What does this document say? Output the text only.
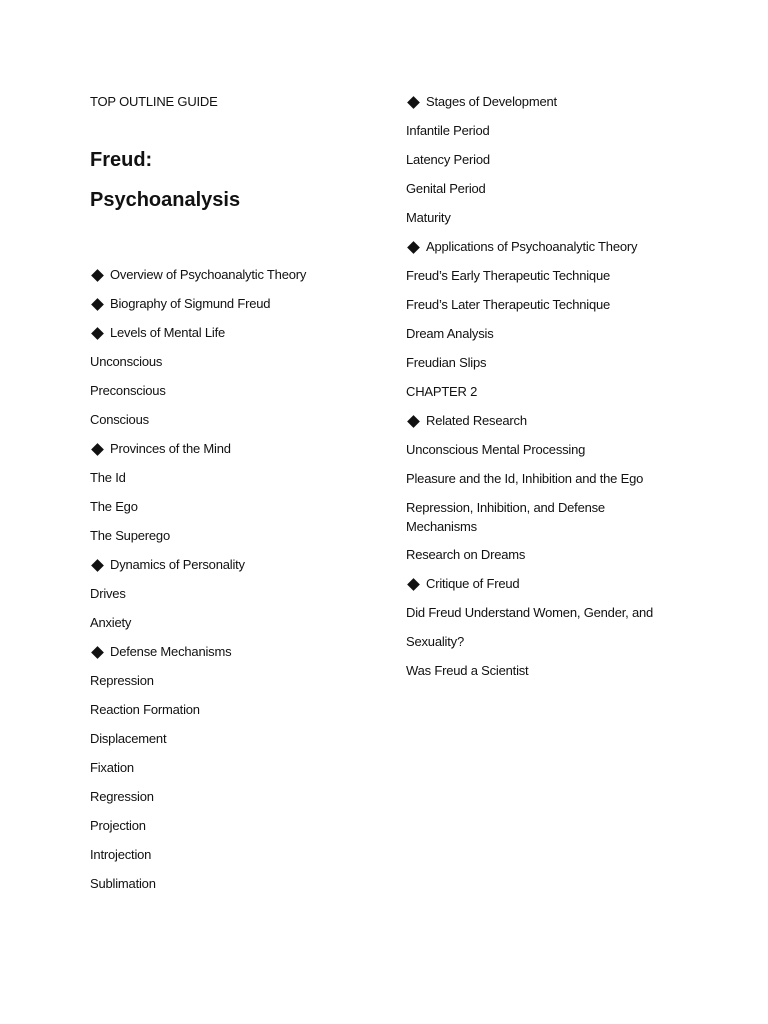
TOP OUTLINE GUIDE
Freud:
Psychoanalysis
Overview of Psychoanalytic Theory
Biography of Sigmund Freud
Levels of Mental Life
Unconscious
Preconscious
Conscious
Provinces of the Mind
The Id
The Ego
The Superego
Dynamics of Personality
Drives
Anxiety
Defense Mechanisms
Repression
Reaction Formation
Displacement
Fixation
Regression
Projection
Introjection
Sublimation
Stages of Development
Infantile Period
Latency Period
Genital Period
Maturity
Applications of Psychoanalytic Theory
Freud’s Early Therapeutic Technique
Freud’s Later Therapeutic Technique
Dream Analysis
Freudian Slips
CHAPTER 2
Related Research
Unconscious Mental Processing
Pleasure and the Id, Inhibition and the Ego
Repression, Inhibition, and Defense Mechanisms
Research on Dreams
Critique of Freud
Did Freud Understand Women, Gender, and
Sexuality?
Was Freud a Scientist
